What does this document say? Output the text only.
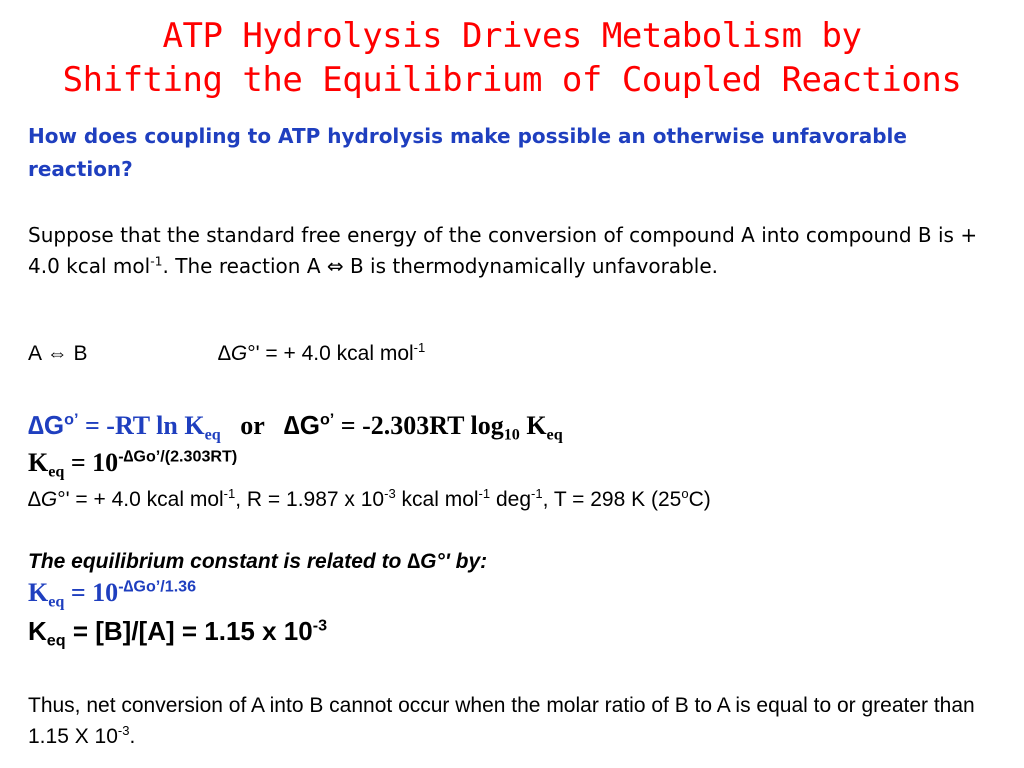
ATP Hydrolysis Drives Metabolism by
Shifting the Equilibrium of Coupled Reactions
How does coupling to ATP hydrolysis make possible an otherwise unfavorable reaction?
Suppose that the standard free energy of the conversion of compound A into compound B is + 4.0 kcal mol$^{-1}$. The reaction A ⇔ B is thermodynamically unfavorable.
A ⇔ B	∆G°' = + 4.0 kcal mol$^{-1}$
$\Delta G^{o’} = -RT$ $\ln K_{eq}$   or   $\Delta G^{o’} = -2.303RT$ $\log_{10} K_{eq}$
$K_{eq} = 10^{-\Delta Go’/(2.303RT)}$
∆G°' = + 4.0 kcal mol$^{-1}$, R = 1.987 x $10^{-3}$ kcal mol$^{-1}$ deg$^{-1}$, T = 298 K (25$^o$C)
The equilibrium constant is related to ∆G°' by:
$K_{eq} = 10^{-\Delta Go’/1.36}$
$K_{eq} = [B]/[A] = 1.15$ x $10^{-3}$
Thus, net conversion of A into B cannot occur when the molar ratio of B to A is equal to or greater than 1.15 X $10^{-3}$.
